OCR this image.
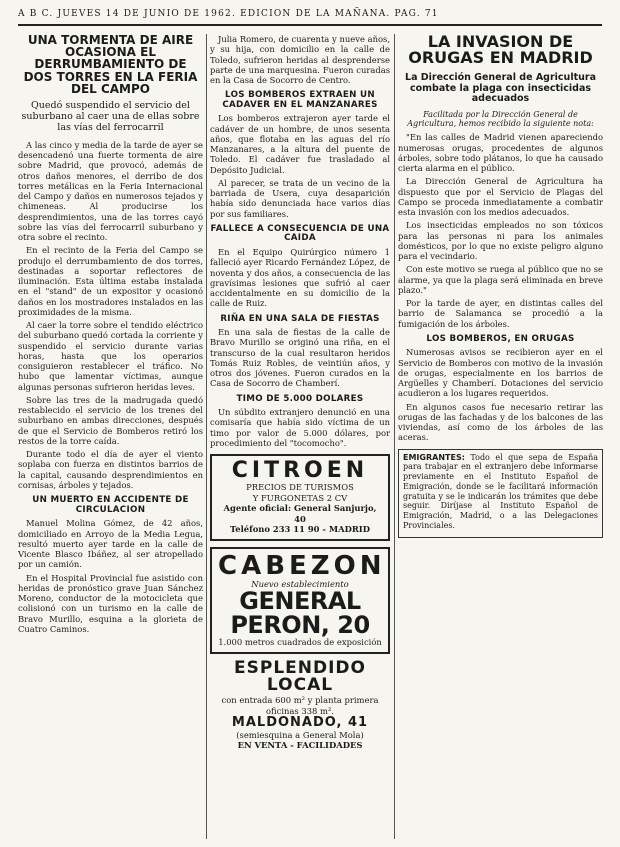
A B C. JUEVES 14 DE JUNIO DE 1962. EDICION DE LA MAÑANA. PAG. 71
UNA TORMENTA DE AIRE OCASIONA EL DERRUMBAMIENTO DE DOS TORRES EN LA FERIA DEL CAMPO
Quedó suspendido el servicio del suburbano al caer una de ellas sobre las vías del ferrocarril

A las cinco y media de la tarde de ayer se desencadenó una fuerte tormenta de aire sobre Madrid, que provocó, además de otros daños menores, el derribo de dos torres metálicas en la Feria Internacional del Campo y daños en numerosos tejados y chimeneas. Al producirse los desprendimientos, una de las torres cayó sobre las vías del ferrocarril suburbano y otra sobre el recinto.

En el recinto de la Feria del Campo se produjo el derrumbamiento de dos torres, destinadas a soportar reflectores de iluminación. Esta última estaba instalada en el "stand" de un expositor y ocasionó daños en los mostradores instalados en las proximidades de la misma.

Al caer la torre sobre el tendido eléctrico del suburbano quedó cortada la corriente y suspendido el servicio durante varias horas, hasta que los operarios consiguieron restablecer el tráfico. No hubo que lamentar víctimas, aunque algunas personas sufrieron heridas leves.

Sobre las tres de la madrugada quedó restablecido el servicio de los trenes del suburbano en ambas direcciones, después de que el Servicio de Bomberos retiró los restos de la torre caída.

Durante todo el día de ayer el viento soplaba con fuerza en distintos barrios de la capital, causando desprendimientos en cornisas, árboles y tejados.

UN MUERTO EN ACCIDENTE DE CIRCULACION

Manuel Molina Gómez, de 42 años, domiciliado en Arroyo de la Media Legua, resultó muerto ayer tarde en la calle de Vicente Blasco Ibáñez, al ser atropellado por un camión.

En el Hospital Provincial fue asistido con heridas de pronóstico grave Juan Sánchez Moreno, conductor de la motocicleta que colisionó con un turismo en la calle de Bravo Murillo, esquina a la glorieta de Cuatro Caminos.

Julia Romero, de cuarenta y nueve años, y su hija, con domicilio en la calle de Toledo, sufrieron heridas al desprenderse parte de una marquesina. Fueron curadas en la Casa de Socorro de Centro.

LOS BOMBEROS EXTRAEN UN CADAVER EN EL MANZANARES

Los bomberos extrajeron ayer tarde el cadáver de un hombre, de unos sesenta años, que flotaba en las aguas del río Manzanares, a la altura del puente de Toledo. El cadáver fue trasladado al Depósito Judicial.

Al parecer, se trata de un vecino de la barriada de Usera, cuya desaparición había sido denunciada hace varios días por sus familiares.

FALLECE A CONSECUENCIA DE UNA CAIDA

En el Equipo Quirúrgico número 1 falleció ayer Ricardo Fernández López, de noventa y dos años, a consecuencia de las gravísimas lesiones que sufrió al caer accidentalmente en su domicilio de la calle de Ruiz.

RIÑA EN UNA SALA DE FIESTAS

En una sala de fiestas de la calle de Bravo Murillo se originó una riña, en el transcurso de la cual resultaron heridos Tomás Ruiz Robles, de veintiún años, y otros dos jóvenes. Fueron curados en la Casa de Socorro de Chamberí.

TIMO DE 5.000 DOLARES

Un súbdito extranjero denunció en una comisaría que había sido víctima de un timo por valor de 5.000 dólares, por procedimiento del "tocomocho".

CITROEN
PRECIOS DE TURISMOS
Y FURGONETAS 2 CV
Agente oficial: General Sanjurjo, 40
Teléfono 233 11 90 - MADRID
CABEZON
Nuevo establecimiento
GENERAL PERON, 20
1.000 metros cuadrados de exposición
ESPLENDIDO LOCAL
con entrada 600 m² y planta primera
oficinas 338 m².
MALDONADO, 41
(semiesquina a General Mola)
EN VENTA - FACILIDADES
LA INVASION DE ORUGAS EN MADRID
La Dirección General de Agricultura combate la plaga con insecticidas adecuados
Facilitada por la Dirección General de Agricultura, hemos recibido la siguiente nota:

"En las calles de Madrid vienen apareciendo numerosas orugas, procedentes de algunos árboles, sobre todo plátanos, lo que ha causado cierta alarma en el público.

La Dirección General de Agricultura ha dispuesto que por el Servicio de Plagas del Campo se proceda inmediatamente a combatir esta invasión con los medios adecuados.

Los insecticidas empleados no son tóxicos para las personas ni para los animales domésticos, por lo que no existe peligro alguno para el vecindario.

Con este motivo se ruega al público que no se alarme, ya que la plaga será eliminada en breve plazo."

Por la tarde de ayer, en distintas calles del barrio de Salamanca se procedió a la fumigación de los árboles.

LOS BOMBEROS, EN ORUGAS

Numerosas avisos se recibieron ayer en el Servicio de Bomberos con motivo de la invasión de orugas, especialmente en los barrios de Argüelles y Chamberí. Dotaciones del servicio acudieron a los lugares requeridos.

En algunos casos fue necesario retirar las orugas de las fachadas y de los balcones de las viviendas, así como de los árboles de las aceras.

EMIGRANTES: Todo el que sepa de España para trabajar en el extranjero debe informarse previamente en el Instituto Español de Emigración, donde se le facilitará información gratuita y se le indicarán los trámites que debe seguir. Diríjase al Instituto Español de Emigración, Madrid, o a las Delegaciones Provinciales.
